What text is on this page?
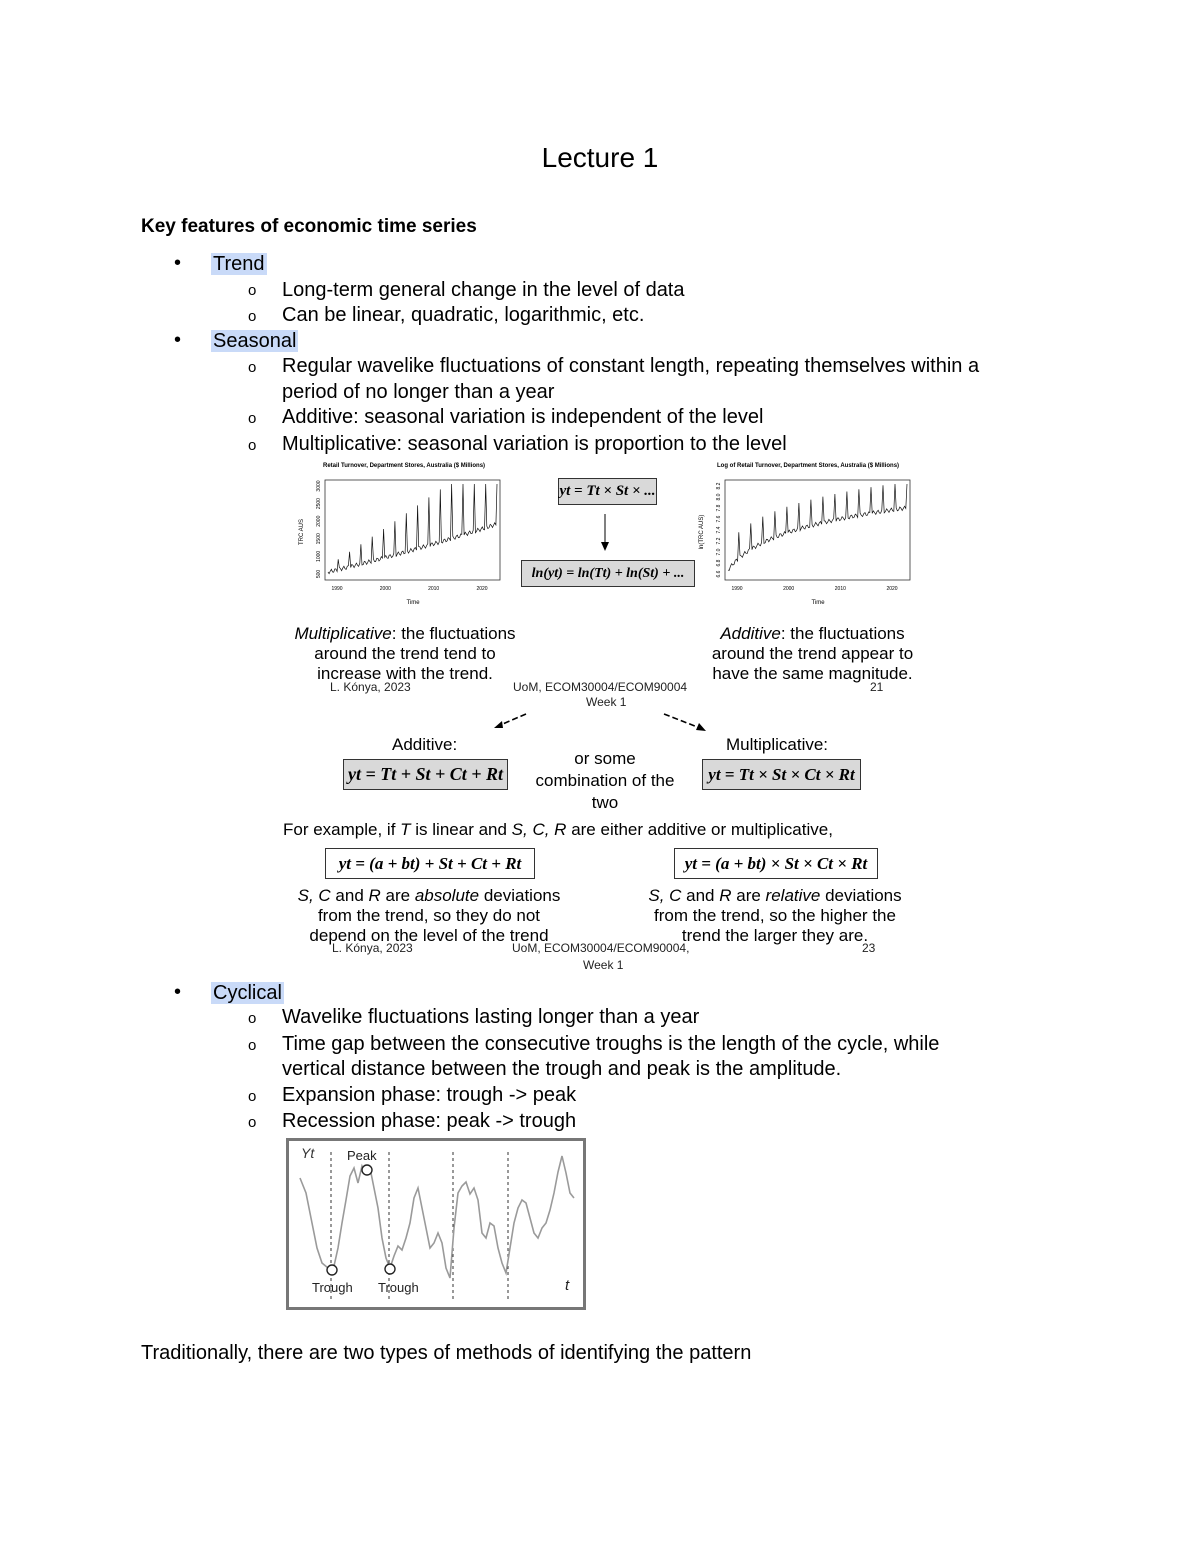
Lecture 1
Key features of economic time series
• Trend
o Long-term general change in the level of data
o Can be linear, quadratic, logarithmic, etc.
• Seasonal
o Regular wavelike fluctuations of constant length, repeating themselves within a
period of no longer than a year
o Additive: seasonal variation is independent of the level
o Multiplicative: seasonal variation is proportion to the level
Retail Turnover, Department Stores, Australia ($ Millions)
500
1000
1500
2000
2500
3000
1990	2000	2010	2020
TRC AUS
Time
yt = Tt × St × ...
ln(yt) = ln(Tt) + ln(St) + ...
Log of Retail Turnover, Department Stores, Australia ($ Millions)
6.6
6.8
7.0
7.2
7.4
7.6
7.8
8.0
8.2
1990	2000	2010	2020
ln(TRC AUS)
Time
Multiplicative: the fluctuations
around the trend tend to
increase with the trend.
Additive: the fluctuations
around the trend appear to
have the same magnitude.
L. Kónya, 2023	UoM, ECOM30004/ECOM90004
Week 1
21
Additive:	Multiplicative:
yt = Tt + St + Ct + Rt	yt = Tt × St × Ct × Rt
or some
combination of the
two
For example, if T is linear and S, C, R are either additive or multiplicative,
yt = (a + bt) + St + Ct + Rt	yt = (a + bt) × St × Ct × Rt
S, C and R are absolute deviations
from the trend, so they do not
depend on the level of the trend
S, C and R are relative deviations
from the trend, so the higher the
trend the larger they are.
L. Kónya, 2023	UoM, ECOM30004/ECOM90004,
Week 1
23
• Cyclical
o Wavelike fluctuations lasting longer than a year
o Time gap between the consecutive troughs is the length of the cycle, while
vertical distance between the trough and peak is the amplitude.
o Expansion phase: trough -> peak
o Recession phase: peak -> trough
Yt	Peak
Trough Trough	t
Traditionally, there are two types of methods of identifying the pattern
